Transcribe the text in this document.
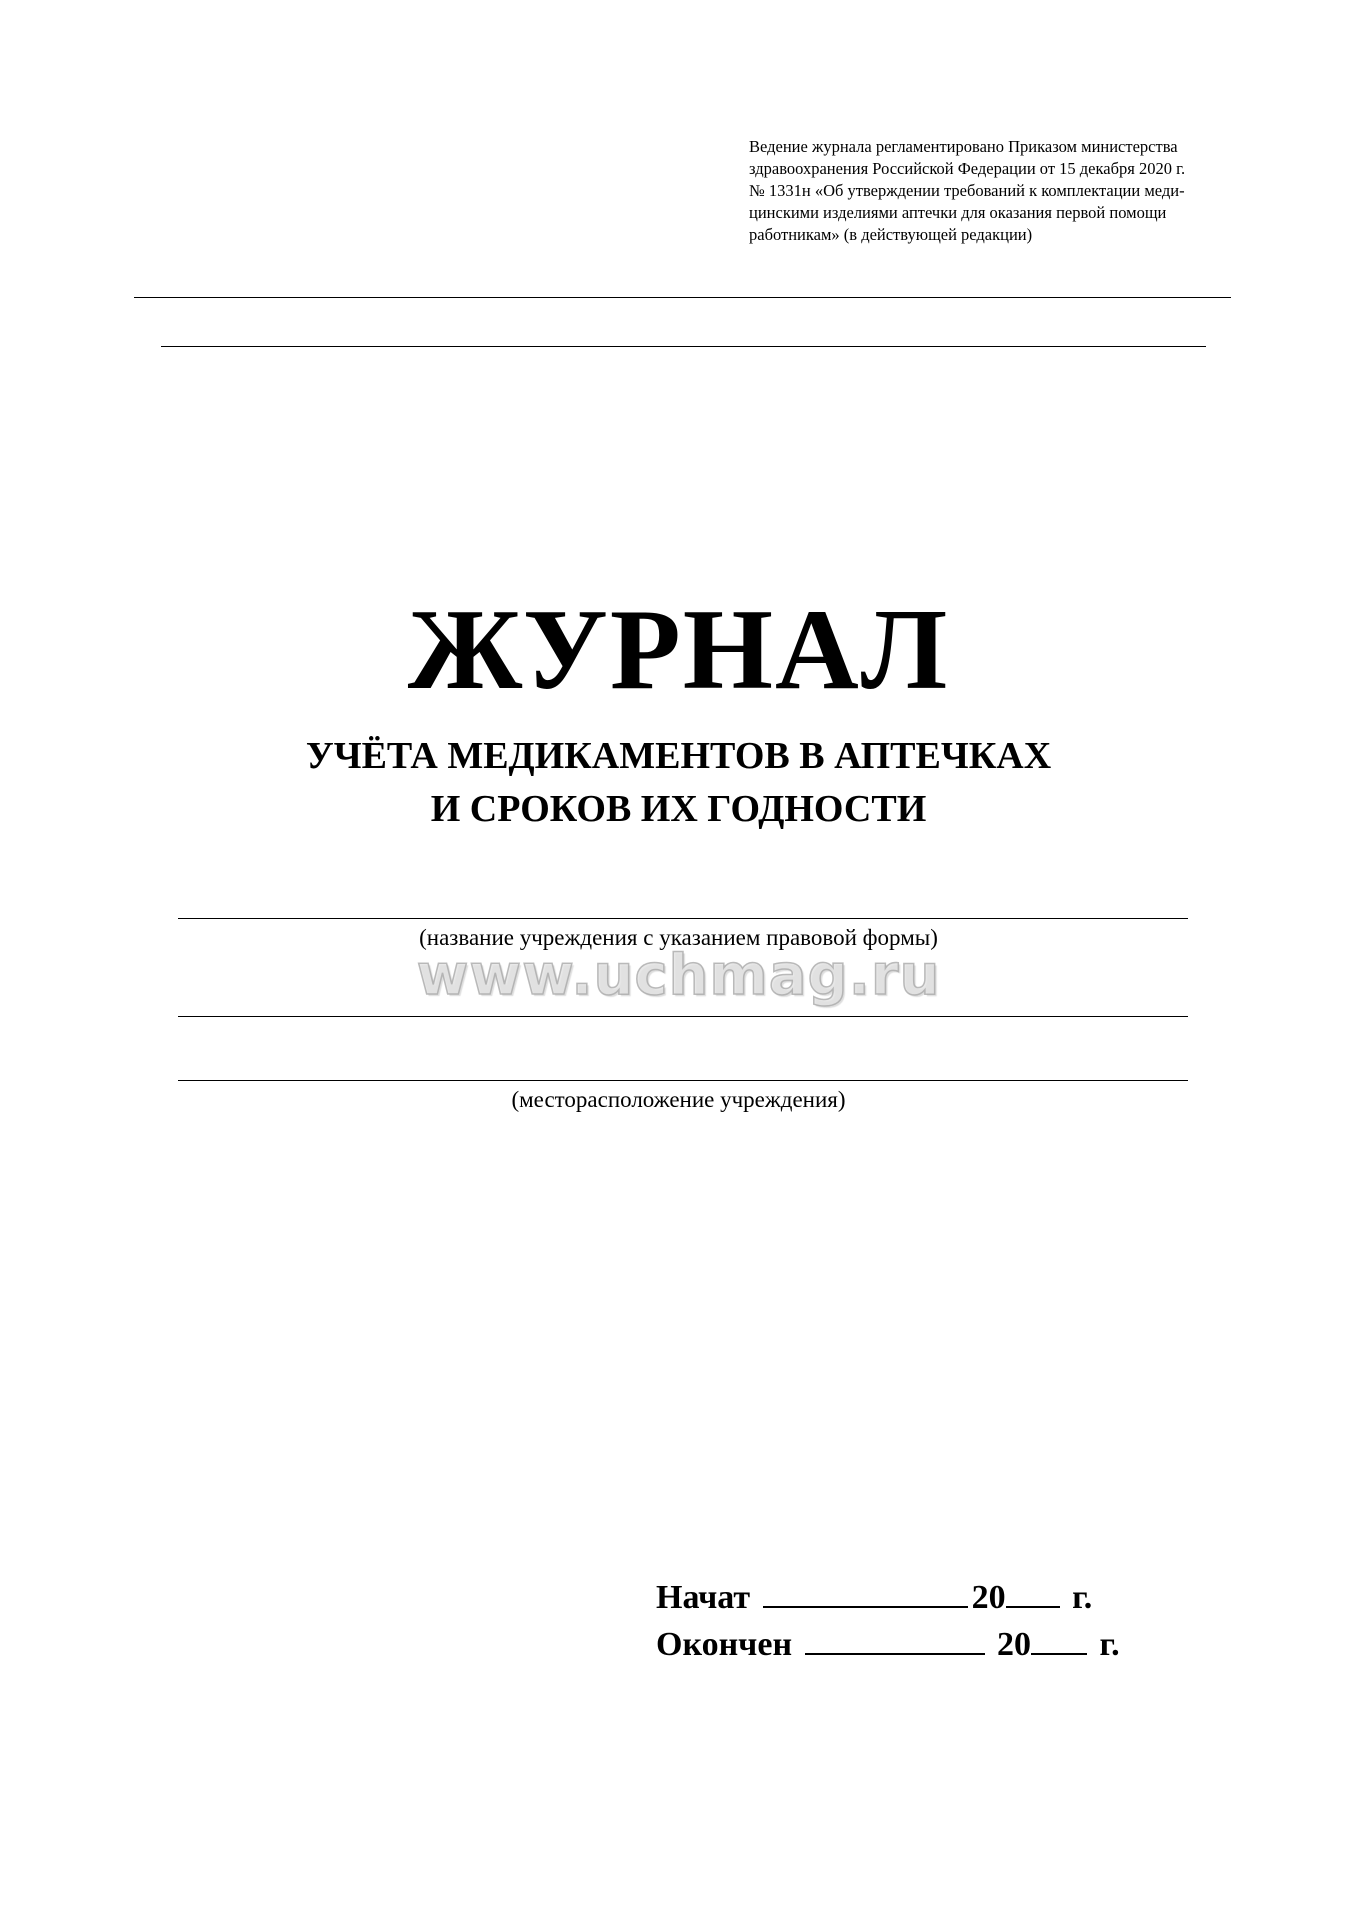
Ведение журнала регламентировано Приказом министерства
здравоохранения Российской Федерации от 15 декабря 2020 г.
№ 1331н «Об утверждении требований к комплектации меди-
цинскими изделиями аптечки для оказания первой помощи
работникам» (в действующей редакции)
ЖУРНАЛ
УЧЁТА МЕДИКАМЕНТОВ В АПТЕЧКАХ
И СРОКОВ ИХ ГОДНОСТИ
(название учреждения с указанием правовой формы)
www.uchmag.ru
(месторасположение учреждения)
Начат	20 г.
Окончен	20 г.
